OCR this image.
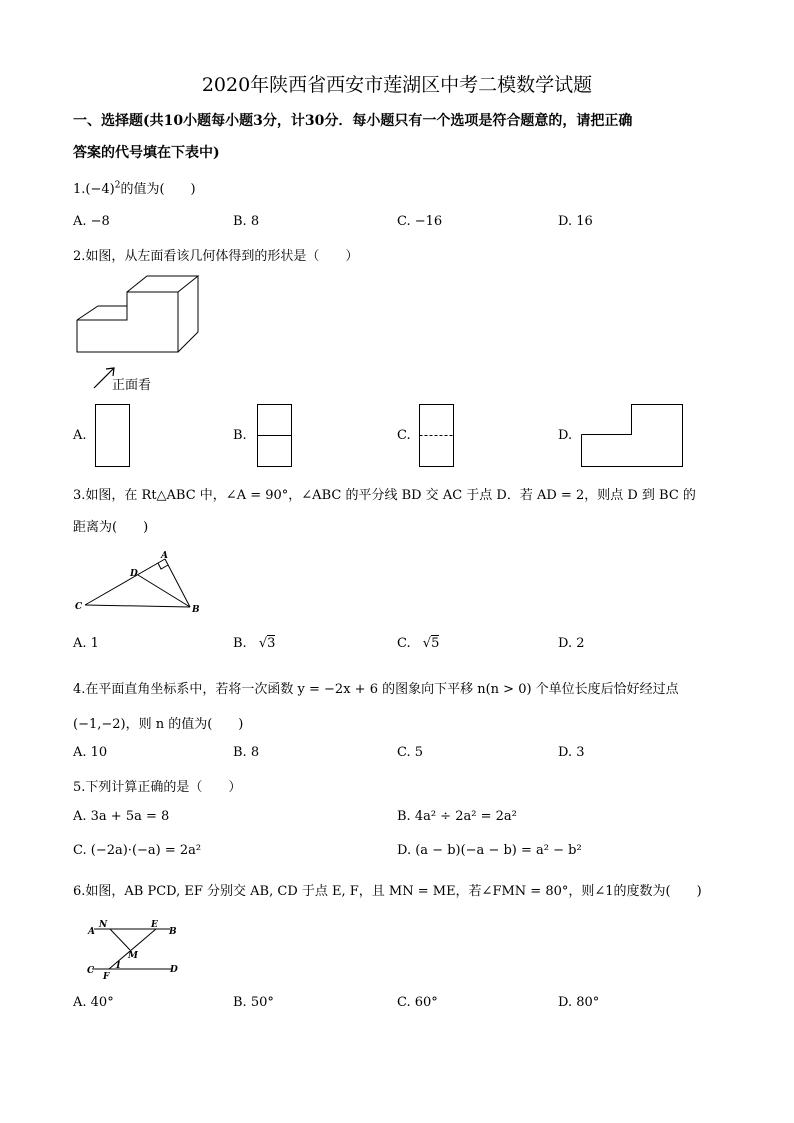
2020年陕西省西安市莲湖区中考二模数学试题
一、选择题(共10小题每小题3分，计30分．每小题只有一个选项是符合题意的，请把正确
答案的代号填在下表中)
$1.(-4)^2$的值为(　　)
A. −8	B. 8	C. −16	D. 16
2.如图，从左面看该几何体得到的形状是（　　）
正面看
A.	B.	C.	D.
3.如图，在 Rt△ABC 中，∠A = 90°，∠ABC 的平分线 BD 交 AC 于点 D．若 AD = 2，则点 D 到 BC 的
距离为(　　)
A
D
C	B
A. 1	B. √3	C. √5	D. 2
4.在平面直角坐标系中，若将一次函数 y = −2x + 6 的图象向下平移 n(n > 0) 个单位长度后恰好经过点
(−1,−2)，则 n 的值为(　　)
A. 10	B. 8	C. 5	D. 3
5.下列计算正确的是（　　）
A. 3a + 5a = 8	B. 4a² ÷ 2a² = 2a²
C. (−2a)·(−a) = 2a²	D. (a − b)(−a − b) = a² − b²
6.如图，AB PCD, EF 分别交 AB, CD 于点 E, F，且 MN = ME，若∠FMN = 80°，则∠1的度数为(　　)
N	E
A	B
M
C 1
F
D
A. 40°	B. 50°	C. 60°	D. 80°
